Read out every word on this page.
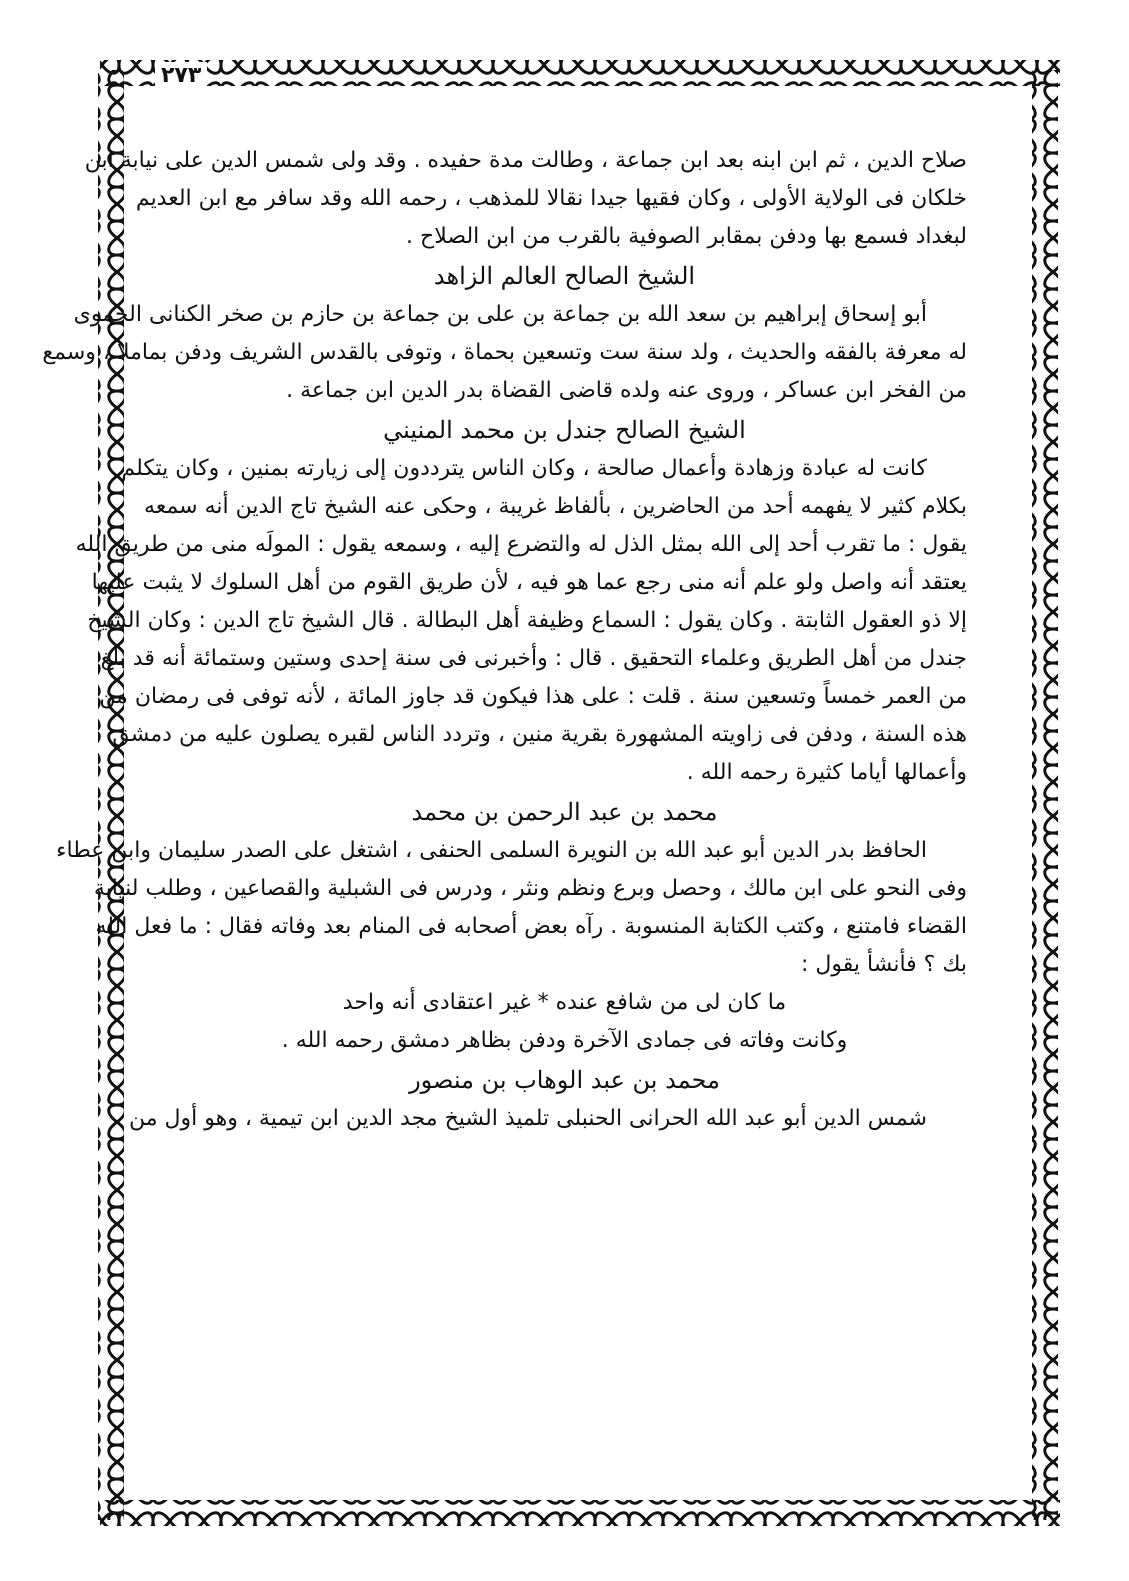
٢٧٣
صلاح الدين ، ثم ابن ابنه بعد ابن جماعة ، وطالت مدة حفيده . وقد ولى شمس الدين على نيابة ابن
خلكان فى الولاية الأولى ، وكان فقيها جيدا نقالا للمذهب ، رحمه الله وقد سافر مع ابن العديم
لبغداد فسمع بها ودفن بمقابر الصوفية بالقرب من ابن الصلاح .
الشيخ الصالح العالم الزاهد
أبو إسحاق إبراهيم بن سعد الله بن جماعة بن على بن جماعة بن حازم بن صخر الكنانى الحموى
له معرفة بالفقه والحديث ، ولد سنة ست وتسعين بحماة ، وتوفى بالقدس الشريف ودفن بماملا ، وسمع
من الفخر ابن عساكر ، وروى عنه ولده قاضى القضاة بدر الدين ابن جماعة .
الشيخ الصالح جندل بن محمد المنيني
كانت له عبادة وزهادة وأعمال صالحة ، وكان الناس يترددون إلى زيارته بمنين ، وكان يتكلم
بكلام كثير لا يفهمه أحد من الحاضرين ، بألفاظ غريبة ، وحكى عنه الشيخ تاج الدين أنه سمعه
يقول : ما تقرب أحد إلى الله بمثل الذل له والتضرع إليه ، وسمعه يقول : المولَه منى من طريق الله
يعتقد أنه واصل ولو علم أنه منى رجع عما هو فيه ، لأن طريق القوم من أهل السلوك لا يثبت عليها
إلا ذو العقول الثابتة . وكان يقول : السماع وظيفة أهل البطالة . قال الشيخ تاج الدين : وكان الشيخ
جندل من أهل الطريق وعلماء التحقيق . قال : وأخبرنى فى سنة إحدى وستين وستمائة أنه قد بلغ
من العمر خمساً وتسعين سنة . قلت : على هذا فيكون قد جاوز المائة ، لأنه توفى فى رمضان من
هذه السنة ، ودفن فى زاويته المشهورة بقرية منين ، وتردد الناس لقبره يصلون عليه من دمشق
وأعمالها أياما كثيرة رحمه الله .
محمد بن عبد الرحمن بن محمد
الحافظ بدر الدين أبو عبد الله بن النويرة السلمى الحنفى ، اشتغل على الصدر سليمان وابن عطاء
وفى النحو على ابن مالك ، وحصل وبرع ونظم ونثر ، ودرس فى الشبلية والقصاعين ، وطلب لنيابة
القضاء فامتنع ، وكتب الكتابة المنسوبة . رآه بعض أصحابه فى المنام بعد وفاته فقال : ما فعل الله
بك ؟ فأنشأ يقول :
ما كان لى من شافع عنده * غير اعتقادى أنه واحد
وكانت وفاته فى جمادى الآخرة ودفن بظاهر دمشق رحمه الله .
محمد بن عبد الوهاب بن منصور
شمس الدين أبو عبد الله الحرانى الحنبلى تلميذ الشيخ مجد الدين ابن تيمية ، وهو أول من
